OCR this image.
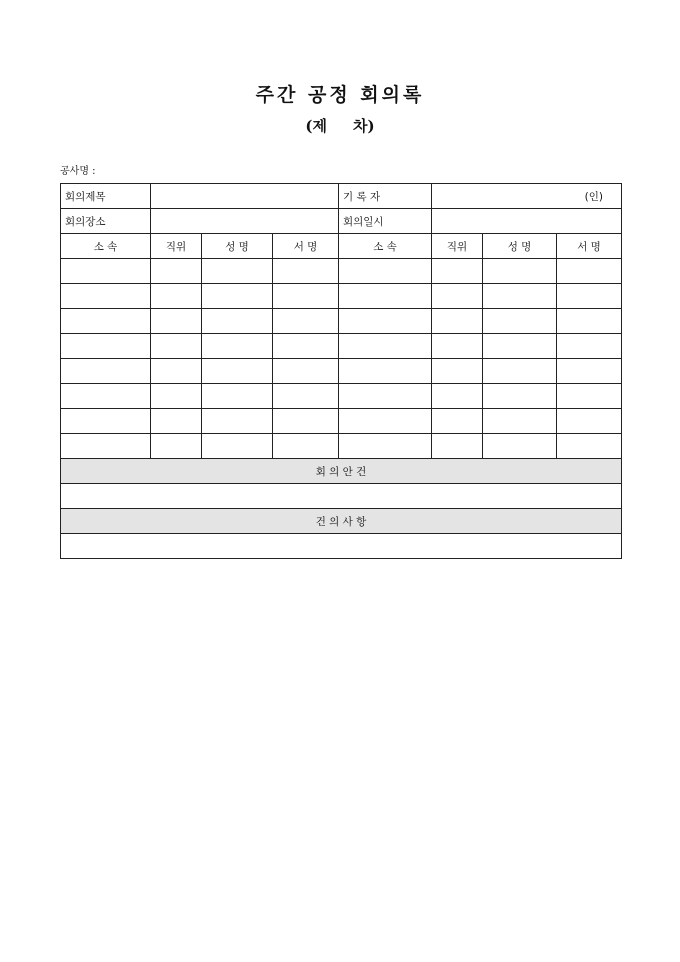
주간 공정 회의록
(제     차)
공사명 :
회의제목				기 록 자	(인)		
회의장소				회의일시			
소 속	직위	성 명	서 명	소 속	직위	성 명	서 명

회 의 안 건							

건 의 사 항							
